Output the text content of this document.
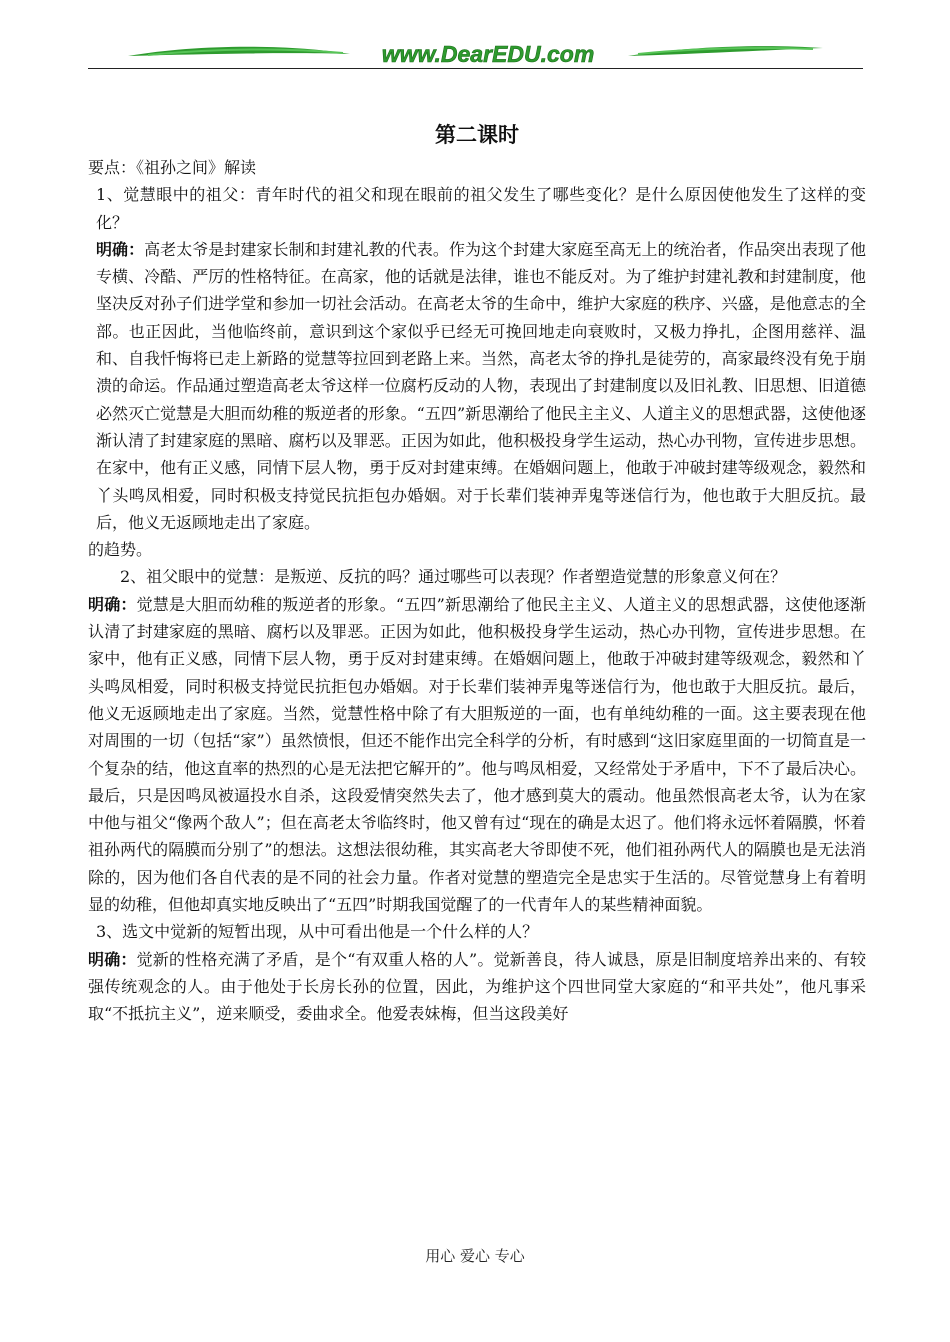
www.DearEDU.com
第二课时

要点：《祖孙之间》解读

1、觉慧眼中的祖父：青年时代的祖父和现在眼前的祖父发生了哪些变化？是什么原因使他发生了这样的变化？

明确：高老太爷是封建家长制和封建礼教的代表。作为这个封建大家庭至高无上的统治者，作品突出表现了他专横、冷酷、严厉的性格特征。在高家，他的话就是法律，谁也不能反对。为了维护封建礼教和封建制度，他坚决反对孙子们进学堂和参加一切社会活动。在高老太爷的生命中，维护大家庭的秩序、兴盛，是他意志的全部。也正因此，当他临终前，意识到这个家似乎已经无可挽回地走向衰败时，又极力挣扎，企图用慈祥、温和、自我忏悔将已走上新路的觉慧等拉回到老路上来。当然，高老太爷的挣扎是徒劳的，高家最终没有免于崩溃的命运。作品通过塑造高老太爷这样一位腐朽反动的人物，表现出了封建制度以及旧礼教、旧思想、旧道德必然灭亡觉慧是大胆而幼稚的叛逆者的形象。“五四”新思潮给了他民主主义、人道主义的思想武器，这使他逐渐认清了封建家庭的黑暗、腐朽以及罪恶。正因为如此，他积极投身学生运动，热心办刊物，宣传进步思想。在家中，他有正义感，同情下层人物，勇于反对封建束缚。在婚姻问题上，他敢于冲破封建等级观念，毅然和丫头鸣凤相爱，同时积极支持觉民抗拒包办婚姻。对于长辈们装神弄鬼等迷信行为，他也敢于大胆反抗。最后，他义无返顾地走出了家庭。

的趋势。

2、祖父眼中的觉慧：是叛逆、反抗的吗？通过哪些可以表现？作者塑造觉慧的形象意义何在？

明确：觉慧是大胆而幼稚的叛逆者的形象。“五四”新思潮给了他民主主义、人道主义的思想武器，这使他逐渐认清了封建家庭的黑暗、腐朽以及罪恶。正因为如此，他积极投身学生运动，热心办刊物，宣传进步思想。在家中，他有正义感，同情下层人物，勇于反对封建束缚。在婚姻问题上，他敢于冲破封建等级观念，毅然和丫头鸣凤相爱，同时积极支持觉民抗拒包办婚姻。对于长辈们装神弄鬼等迷信行为，他也敢于大胆反抗。最后，他义无返顾地走出了家庭。当然，觉慧性格中除了有大胆叛逆的一面，也有单纯幼稚的一面。这主要表现在他对周围的一切（包括“家”）虽然愤恨，但还不能作出完全科学的分析，有时感到“这旧家庭里面的一切简直是一个复杂的结，他这直率的热烈的心是无法把它解开的”。他与鸣凤相爱，又经常处于矛盾中，下不了最后决心。最后，只是因鸣凤被逼投水自杀，这段爱情突然失去了，他才感到莫大的震动。他虽然恨高老太爷，认为在家中他与祖父“像两个敌人”；但在高老太爷临终时，他又曾有过“现在的确是太迟了。他们将永远怀着隔膜，怀着祖孙两代的隔膜而分别了”的想法。这想法很幼稚，其实高老大爷即使不死，他们祖孙两代人的隔膜也是无法消除的，因为他们各自代表的是不同的社会力量。作者对觉慧的塑造完全是忠实于生活的。尽管觉慧身上有着明显的幼稚，但他却真实地反映出了“五四”时期我国觉醒了的一代青年人的某些精神面貌。

3、选文中觉新的短暂出现，从中可看出他是一个什么样的人？

明确：觉新的性格充满了矛盾，是个“有双重人格的人”。觉新善良，待人诚恳，原是旧制度培养出来的、有较强传统观念的人。由于他处于长房长孙的位置，因此，为维护这个四世同堂大家庭的“和平共处”，他凡事采取“不抵抗主义”，逆来顺受，委曲求全。他爱表妹梅，但当这段美好

用心 爱心 专心
